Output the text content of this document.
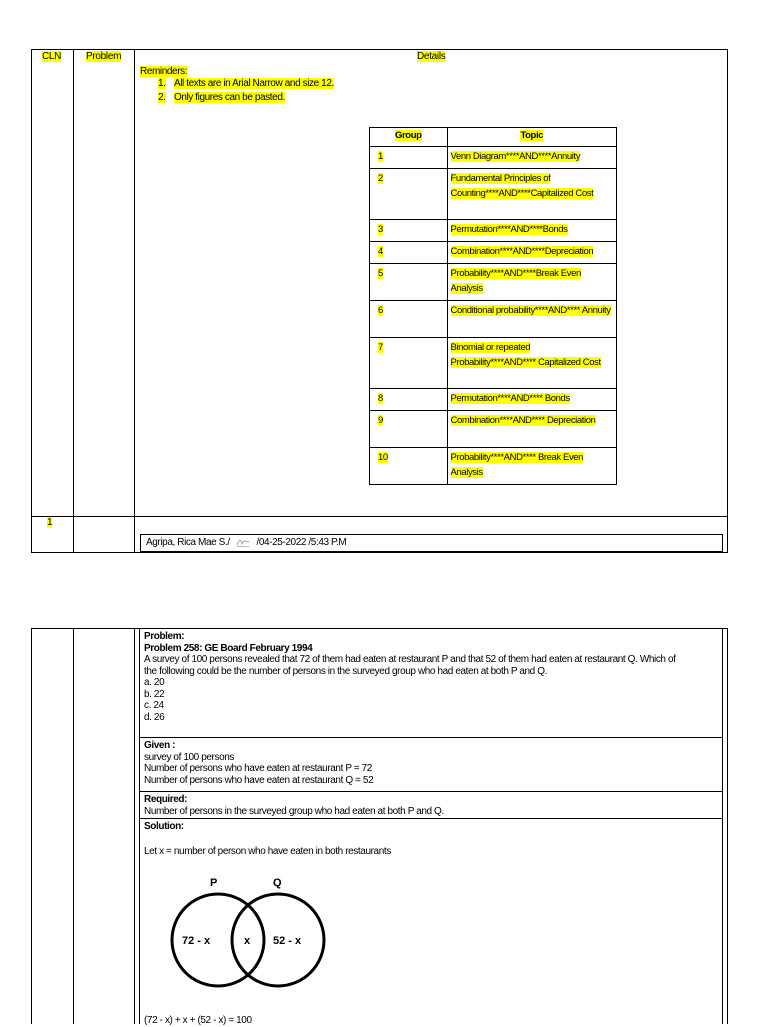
CLN Problem	Details
Reminders:
1. All texts are in Arial Narrow and size 12.
2. Only figures can be pasted.
Group	Topic
1	Venn Diagram****AND****Annuity
2	Fundamental Principles of Counting****AND****Capitalized Cost
3	Permutation****AND****Bonds
4	Combination****AND****Depreciation
5	Probability****AND****Break Even Analysis
6	Conditional probability****AND**** Annuity
7	Binomial or repeated Probability****AND**** Capitalized Cost
8	Permutation****AND**** Bonds
9	Combination****AND**** Depreciation
10	Probability****AND**** Break Even Analysis
1
Agripa, Rica Mae S./	/04-25-2022 /5:43 P.M
Problem:
Problem 258: GE Board February 1994
A survey of 100 persons revealed that 72 of them had eaten at restaurant P and that 52 of them had eaten at restaurant Q. Which of
the following could be the number of persons in the surveyed group who had eaten at both P and Q.
a. 20
b. 22
c. 24
d. 26
Given :
survey of 100 persons
Number of persons who have eaten at restaurant P = 72
Number of persons who have eaten at restaurant Q = 52
Required:
Number of persons in the surveyed group who had eaten at both P and Q.
Solution:
Let x = number of person who have eaten in both restaurants
P	Q
72 - x	x 52 - x
(72 - x) + x + (52 - x) = 100
